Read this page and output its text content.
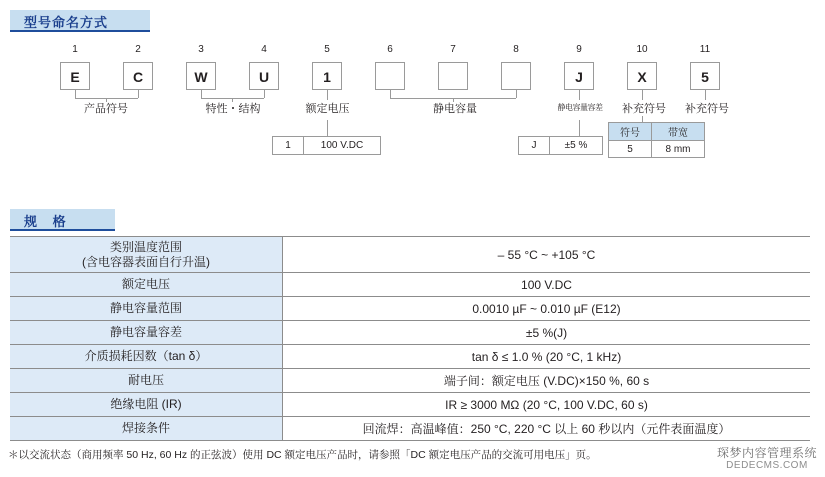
型号命名方式
1	2	3	4	5	6	7	8	9	10	11
E	C	W	U	1	J	X	5
产品符号	特性・结构	额定电压	静电容量	静电容量容差	补充符号	补充符号
1	100 V.DC	J	±5 %
符号	带宽
5	8 mm
规 格
类别温度范围
(含电容器表面自行升温)	– 55 °C ~ +105 °C
额定电压	100 V.DC
静电容量范围	0.0010 µF ~ 0.010 µF (E12)
静电容量容差	±5 %(J)
介质损耗因数（tan δ）	tan δ ≤ 1.0 % (20 °C, 1 kHz)
耐电压	端子间：额定电压 (V.DC)×150 %, 60 s
绝缘电阻 (IR)	IR ≥ 3000 MΩ (20 °C, 100 V.DC, 60 s)
焊接条件	回流焊：高温峰值：250 °C, 220 °C 以上 60 秒以内（元件表面温度）
＊以交流状态（商用频率 50 Hz, 60 Hz 的正弦波）使用 DC 额定电压产品时，请参照「DC 额定电压产品的交流可用电压」页。	琛梦内容管理系统
DEDECMS.COM
